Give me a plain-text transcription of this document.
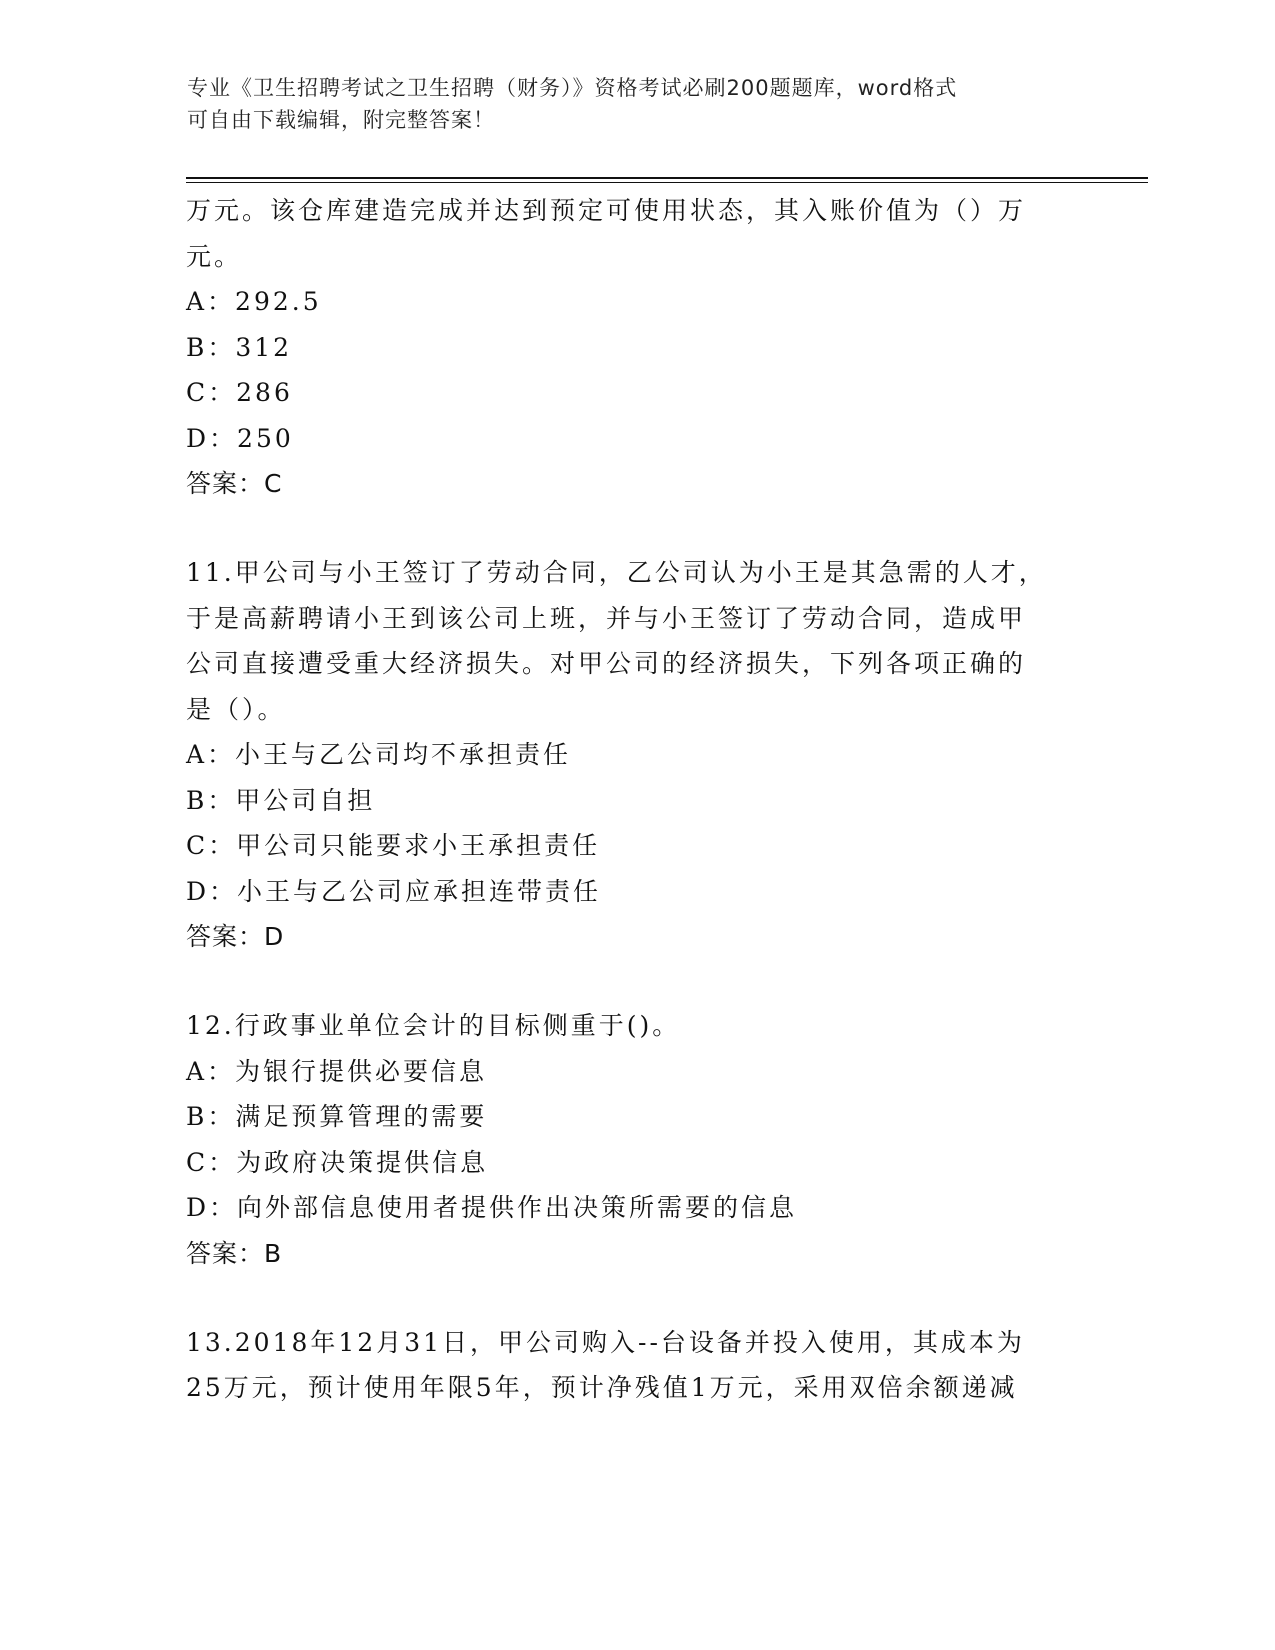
专业《卫生招聘考试之卫生招聘（财务）》资格考试必刷200题题库，word格式
可自由下载编辑，附完整答案！
万元。该仓库建造完成并达到预定可使用状态，其入账价值为（）万
元。
A：292.5
B：312
C：286
D：250
答案：C
11.甲公司与小王签订了劳动合同，乙公司认为小王是其急需的人才，
于是高薪聘请小王到该公司上班，并与小王签订了劳动合同，造成甲
公司直接遭受重大经济损失。对甲公司的经济损失，下列各项正确的
是（）。
A：小王与乙公司均不承担责任
B：甲公司自担
C：甲公司只能要求小王承担责任
D：小王与乙公司应承担连带责任
答案：D
12.行政事业单位会计的目标侧重于()。
A：为银行提供必要信息
B：满足预算管理的需要
C：为政府决策提供信息
D：向外部信息使用者提供作出决策所需要的信息
答案：B
13.2018年12月31日，甲公司购入--台设备并投入使用，其成本为
25万元，预计使用年限5年，预计净残值1万元，采用双倍余额递减
